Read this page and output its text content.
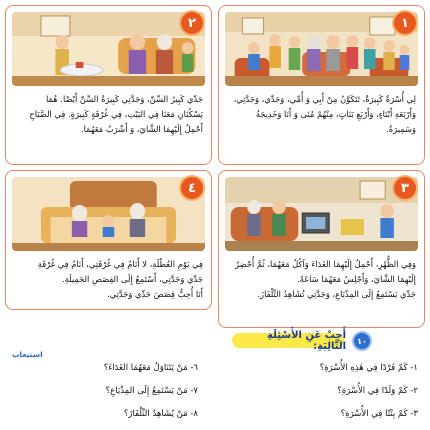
١
لِي أُسْرَةٌ كَبِيرَةٌ، تَتَكَوَّنُ مِنْ أَبِي وَ أُمِّي، وَجَدِّي، وَجَدَّتِي،
وَأَرْبَعَةِ أَبْنَاءٍ، وَأَرْبَعِ بَنَاتٍ، مِنْهُمْ مُنَى وَ أَنَا وَخَدِيجَةُ وَسَمِيرَةُ.
٢
جَدِّي كَبِيرُ السِّنِّ، وَجَدَّتِي كَبِيرَةُ السِّنِّ أَيْضًا. هُمَا
يَسْكُنَانِ مَعَنَا فِي البَيْتِ، فِي غُرْفَةٍ كَبِيرَةٍ. فِي الصَّبَاحِ
أَحْمِلُ إِلَيْهِمَا الشَّايَ، وَ أَشْرَبُ مَعَهُمَا.
٣
وَفِي الظُّهْرِ، أَحْمِلُ إِلَيْهِمَا الغَدَاءَ وَآكُلُ مَعَهُمَا، ثُمَّ أُحْضِرُ
إِلَيْهِمَا الشَّايَ، وَأَجْلِسُ مَعَهُمَا سَاعَةً.
جَدِّي يَسْتَمِعُ إِلَى المِذْيَاعِ، وَجَدَّتِي تُشَاهِدُ التِّلْفَازَ.
٤
فِي يَوْمِ العُطْلَةِ، لا أَنَامُ فِي غُرْفَتِي، أَنَامُ فِي غُرْفَةِ
جَدِّي وَجَدَّتِي، أَسْتَمِعُ إِلَى القِصَصِ الجَمِيلَةِ.
أَنَا أُحِبُّ قِصَصَ جَدِّي وَجَدَّتِي.
١٠
أَجِبْ عَنِ الأَسْئِلَةِ التَّالِيَةِ:
استيعاب
١- كَمْ فَرْدًا فِي هٰذِهِ الأُسْرَةِ؟
٢- كَمْ وَلَدًا فِي الأُسْرَةِ؟
٣- كَمْ بِنْتًا فِي الأُسْرَةِ؟
٦- مَنْ يَتَنَاوَلُ مَعَهُمَا الغَدَاءَ؟
٧- مَنْ يَسْتَمِعُ إِلَى المِذْيَاعِ؟
٨- مَنْ يُشَاهِدُ التِّلْفَازَ؟
